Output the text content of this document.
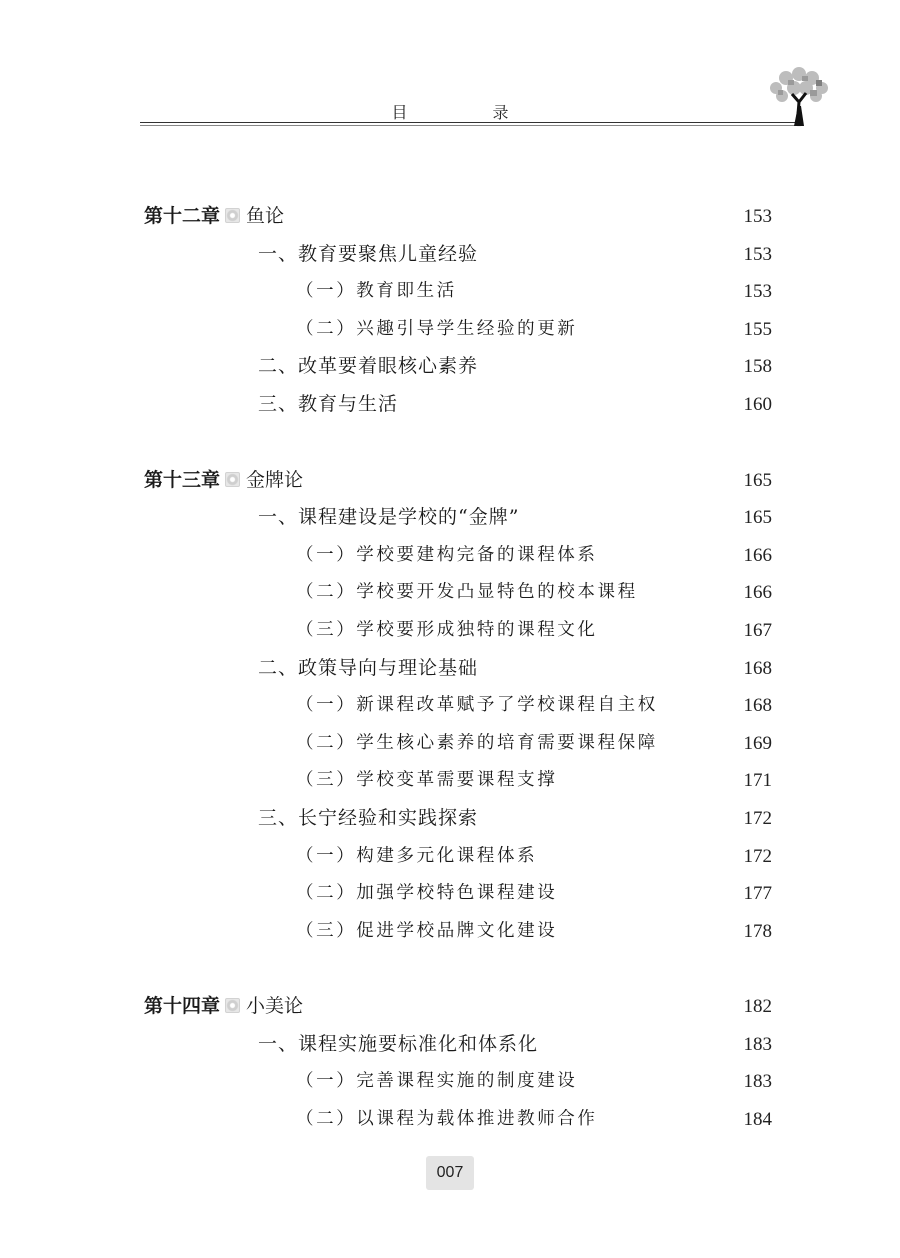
目 录
第十二章 鱼论	153
一、教育要聚焦儿童经验	153
（一）教育即生活	153
（二）兴趣引导学生经验的更新	155
二、改革要着眼核心素养	158
三、教育与生活	160
第十三章 金牌论	165
一、课程建设是学校的“金牌”	165
（一）学校要建构完备的课程体系	166
（二）学校要开发凸显特色的校本课程	166
（三）学校要形成独特的课程文化	167
二、政策导向与理论基础	168
（一）新课程改革赋予了学校课程自主权	168
（二）学生核心素养的培育需要课程保障	169
（三）学校变革需要课程支撑	171
三、长宁经验和实践探索	172
（一）构建多元化课程体系	172
（二）加强学校特色课程建设	177
（三）促进学校品牌文化建设	178
第十四章 小美论	182
一、课程实施要标准化和体系化	183
（一）完善课程实施的制度建设	183
（二）以课程为载体推进教师合作	184
007
